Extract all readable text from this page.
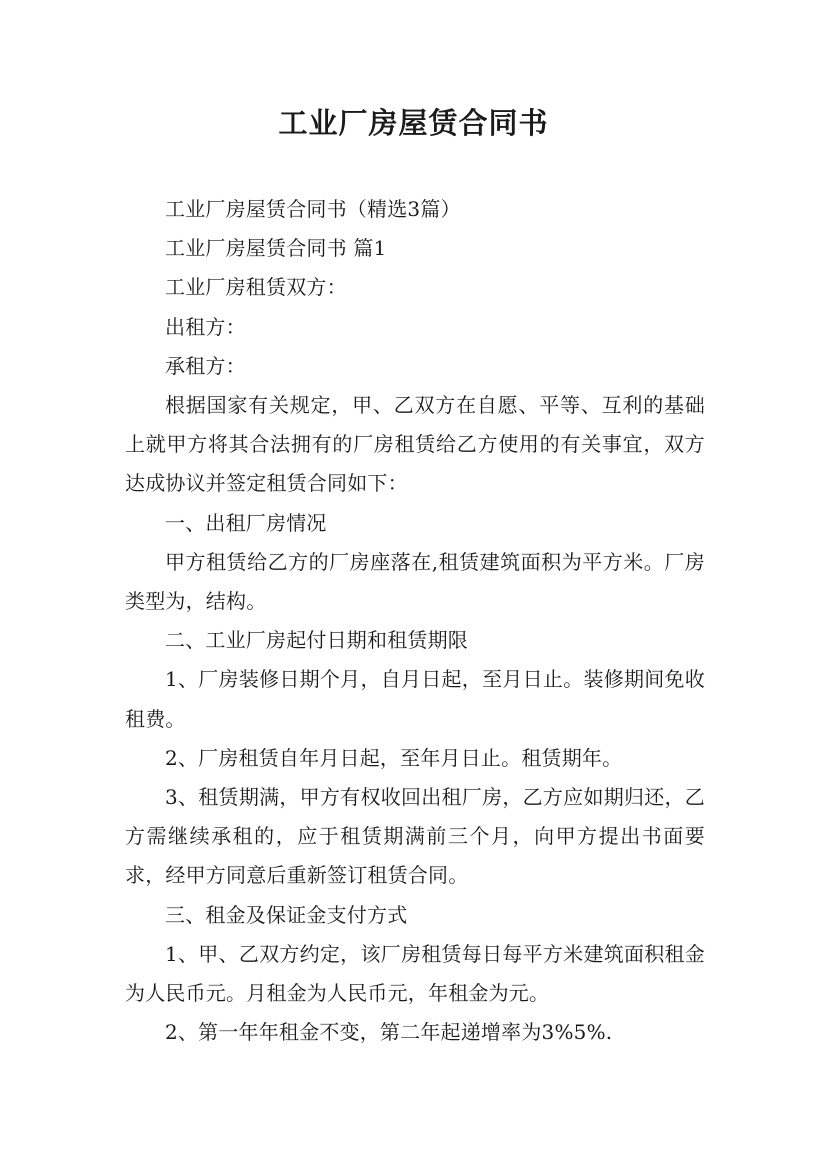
工业厂房屋赁合同书

工业厂房屋赁合同书（精选3篇）

工业厂房屋赁合同书 篇1

工业厂房租赁双方：

出租方：

承租方：

根据国家有关规定，甲、乙双方在自愿、平等、互利的基础上就甲方将其合法拥有的厂房租赁给乙方使用的有关事宜，双方达成协议并签定租赁合同如下：

一、出租厂房情况

甲方租赁给乙方的厂房座落在,租赁建筑面积为平方米。厂房类型为，结构。

二、工业厂房起付日期和租赁期限

1、厂房装修日期个月，自月日起，至月日止。装修期间免收租费。

2、厂房租赁自年月日起，至年月日止。租赁期年。

3、租赁期满，甲方有权收回出租厂房，乙方应如期归还，乙方需继续承租的，应于租赁期满前三个月，向甲方提出书面要求，经甲方同意后重新签订租赁合同。

三、租金及保证金支付方式

1、甲、乙双方约定，该厂房租赁每日每平方米建筑面积租金为人民币元。月租金为人民币元，年租金为元。

2、第一年年租金不变，第二年起递增率为3%5%.
